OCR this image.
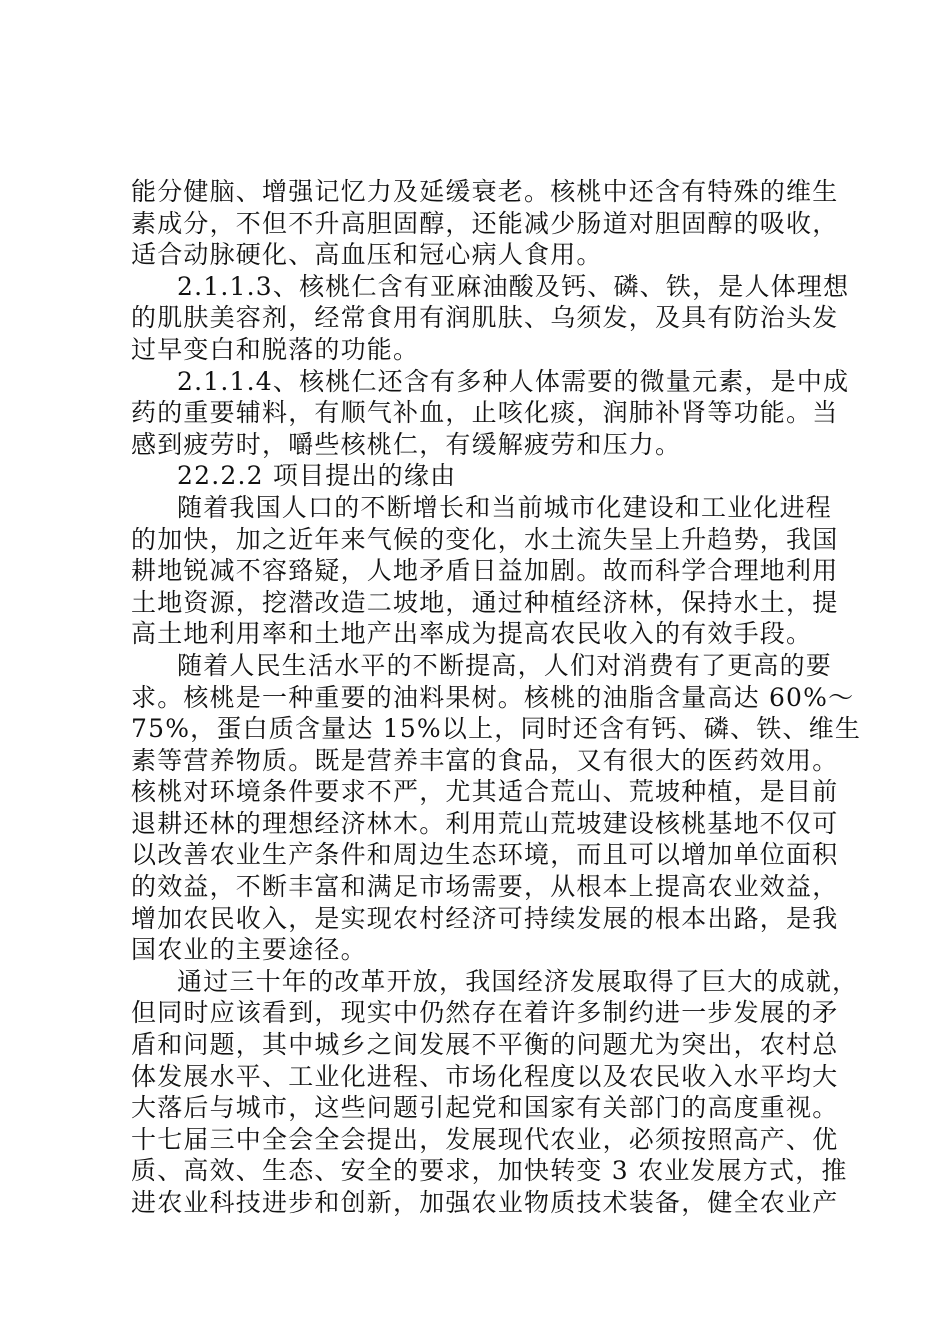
能分健脑、增强记忆力及延缓衰老。核桃中还含有特殊的维生
素成分，不但不升高胆固醇，还能减少肠道对胆固醇的吸收，
适合动脉硬化、高血压和冠心病人食用。
2.1.1.3、核桃仁含有亚麻油酸及钙、磷、铁，是人体理想
的肌肤美容剂，经常食用有润肌肤、乌须发，及具有防治头发
过早变白和脱落的功能。
2.1.1.4、核桃仁还含有多种人体需要的微量元素，是中成
药的重要辅料，有顺气补血，止咳化痰，润肺补肾等功能。当
感到疲劳时，嚼些核桃仁，有缓解疲劳和压力。
22.2.2 项目提出的缘由
随着我国人口的不断增长和当前城市化建设和工业化进程
的加快，加之近年来气候的变化，水土流失呈上升趋势，我国
耕地锐减不容臵疑，人地矛盾日益加剧。故而科学合理地利用
土地资源，挖潜改造二坡地，通过种植经济林，保持水土，提
高土地利用率和土地产出率成为提高农民收入的有效手段。
随着人民生活水平的不断提高，人们对消费有了更高的要
求。核桃是一种重要的油料果树。核桃的油脂含量高达 60%～
75%，蛋白质含量达 15%以上，同时还含有钙、磷、铁、维生
素等营养物质。既是营养丰富的食品，又有很大的医药效用。
核桃对环境条件要求不严，尤其适合荒山、荒坡种植，是目前
退耕还林的理想经济林木。利用荒山荒坡建设核桃基地不仅可
以改善农业生产条件和周边生态环境，而且可以增加单位面积
的效益，不断丰富和满足市场需要，从根本上提高农业效益，
增加农民收入，是实现农村经济可持续发展的根本出路，是我
国农业的主要途径。
通过三十年的改革开放，我国经济发展取得了巨大的成就，
但同时应该看到，现实中仍然存在着许多制约进一步发展的矛
盾和问题，其中城乡之间发展不平衡的问题尤为突出，农村总
体发展水平、工业化进程、市场化程度以及农民收入水平均大
大落后与城市，这些问题引起党和国家有关部门的高度重视。
十七届三中全会全会提出，发展现代农业，必须按照高产、优
质、高效、生态、安全的要求，加快转变 3 农业发展方式，推
进农业科技进步和创新，加强农业物质技术装备，健全农业产
